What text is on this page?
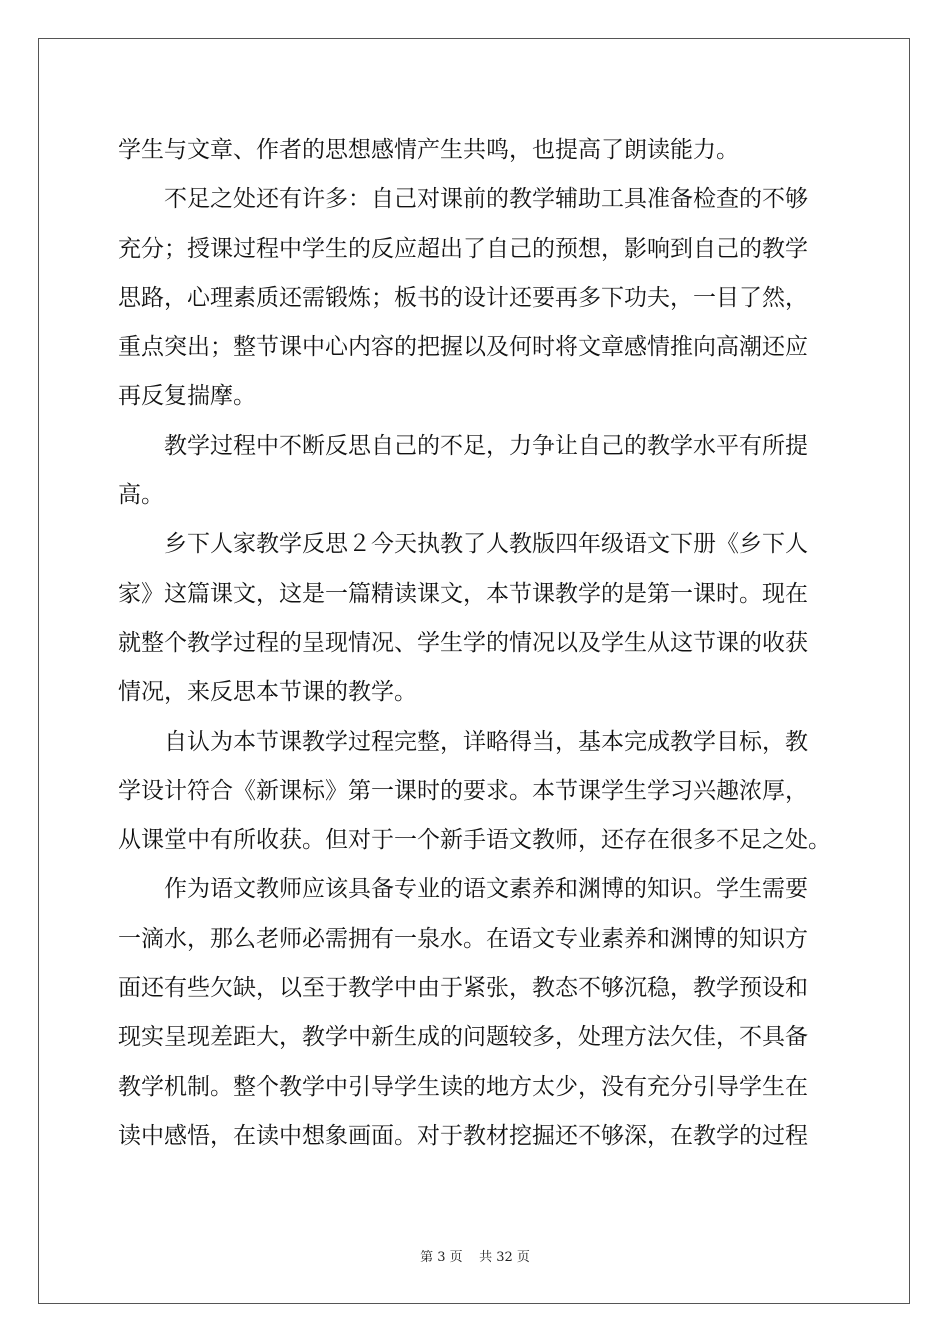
学生与文章、作者的思想感情产生共鸣，也提高了朗读能力。
不足之处还有许多：自己对课前的教学辅助工具准备检查的不够
充分；授课过程中学生的反应超出了自己的预想，影响到自己的教学
思路，心理素质还需锻炼；板书的设计还要再多下功夫，一目了然，
重点突出；整节课中心内容的把握以及何时将文章感情推向高潮还应
再反复揣摩。
教学过程中不断反思自己的不足，力争让自己的教学水平有所提
高。
乡下人家教学反思２今天执教了人教版四年级语文下册《乡下人
家》这篇课文，这是一篇精读课文，本节课教学的是第一课时。现在
就整个教学过程的呈现情况、学生学的情况以及学生从这节课的收获
情况，来反思本节课的教学。
自认为本节课教学过程完整，详略得当，基本完成教学目标，教
学设计符合《新课标》第一课时的要求。本节课学生学习兴趣浓厚，
从课堂中有所收获。但对于一个新手语文教师，还存在很多不足之处。
作为语文教师应该具备专业的语文素养和渊博的知识。学生需要
一滴水，那么老师必需拥有一泉水。在语文专业素养和渊博的知识方
面还有些欠缺，以至于教学中由于紧张，教态不够沉稳，教学预设和
现实呈现差距大，教学中新生成的问题较多，处理方法欠佳，不具备
教学机制。整个教学中引导学生读的地方太少，没有充分引导学生在
读中感悟，在读中想象画面。对于教材挖掘还不够深，在教学的过程
第 3 页    共 32 页
